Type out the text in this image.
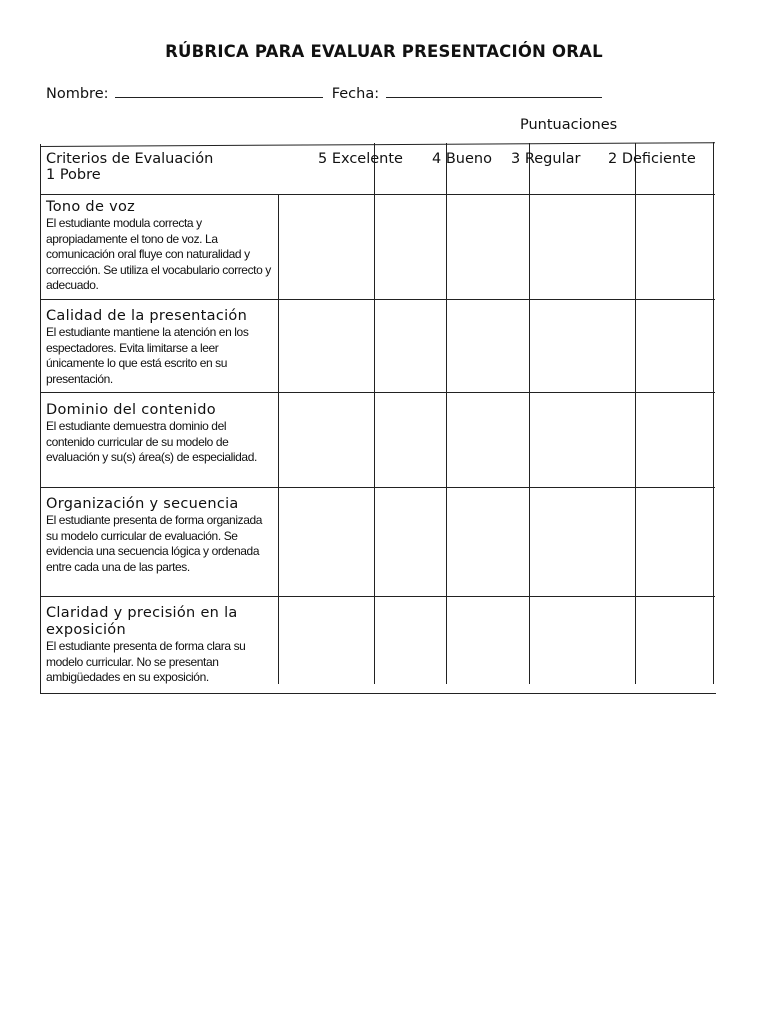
RÚBRICA PARA EVALUAR PRESENTACIÓN ORAL
Nombre:	Fecha:
Puntuaciones
Criterios de Evaluación
1 Pobre
5 Excelente 4 Bueno 3 Regular 2 Deficiente
Tono de voz
El estudiante modula correcta y apropiadamente el tono de voz. La comunicación oral fluye con naturalidad y corrección. Se utiliza el vocabulario correcto y adecuado.
Calidad de la presentación
El estudiante mantiene la atención en los espectadores. Evita limitarse a leer únicamente lo que está escrito en su presentación.
Dominio del contenido
El estudiante demuestra dominio del contenido curricular de su modelo de evaluación y su(s) área(s) de especialidad.
Organización y secuencia
El estudiante presenta de forma organizada su modelo curricular de evaluación. Se evidencia una secuencia lógica y ordenada entre cada una de las partes.
Claridad y precisión en la exposición
El estudiante presenta de forma clara su modelo curricular. No se presentan ambigüedades en su exposición.
